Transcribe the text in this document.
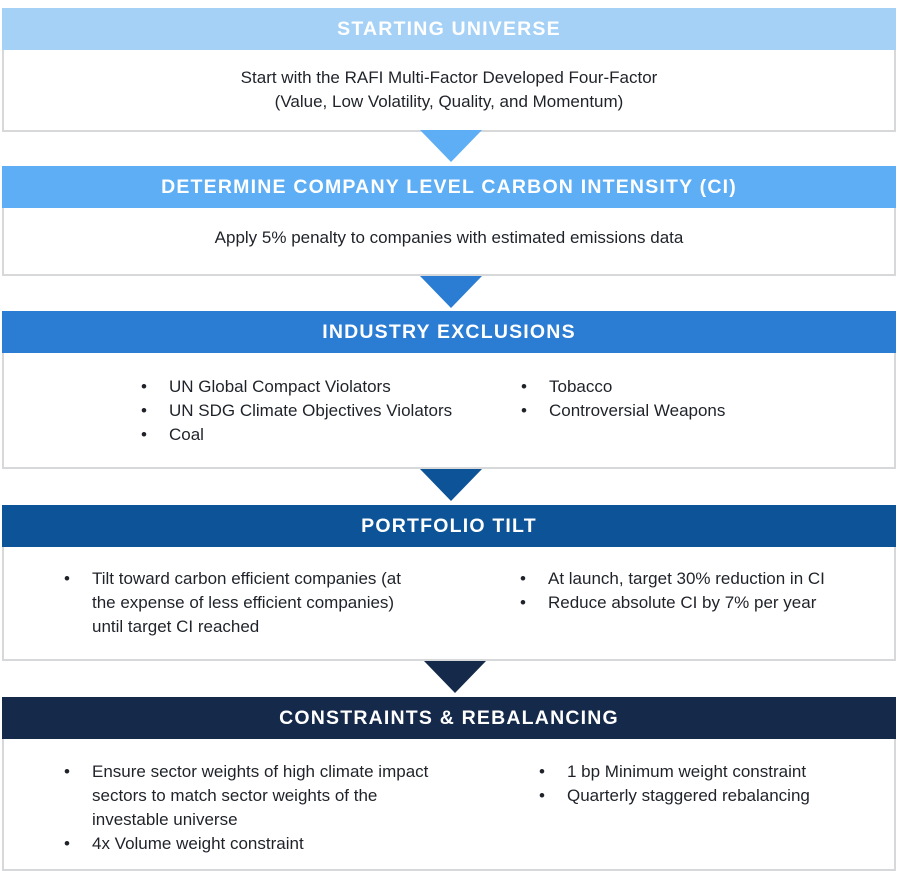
STARTING UNIVERSE
Start with the RAFI Multi-Factor Developed Four-Factor
(Value, Low Volatility, Quality, and Momentum)
DETERMINE COMPANY LEVEL CARBON INTENSITY (CI)
Apply 5% penalty to companies with estimated emissions data
INDUSTRY EXCLUSIONS
• UN Global Compact Violators
• UN SDG Climate Objectives Violators
• Coal
• Tobacco
• Controversial Weapons
PORTFOLIO TILT
• Tilt toward carbon efficient companies (at the expense of less efficient companies) until target CI reached
• At launch, target 30% reduction in CI
• Reduce absolute CI by 7% per year
CONSTRAINTS & REBALANCING
• Ensure sector weights of high climate impact sectors to match sector weights of the investable universe
• 4x Volume weight constraint
• 1 bp Minimum weight constraint
• Quarterly staggered rebalancing
